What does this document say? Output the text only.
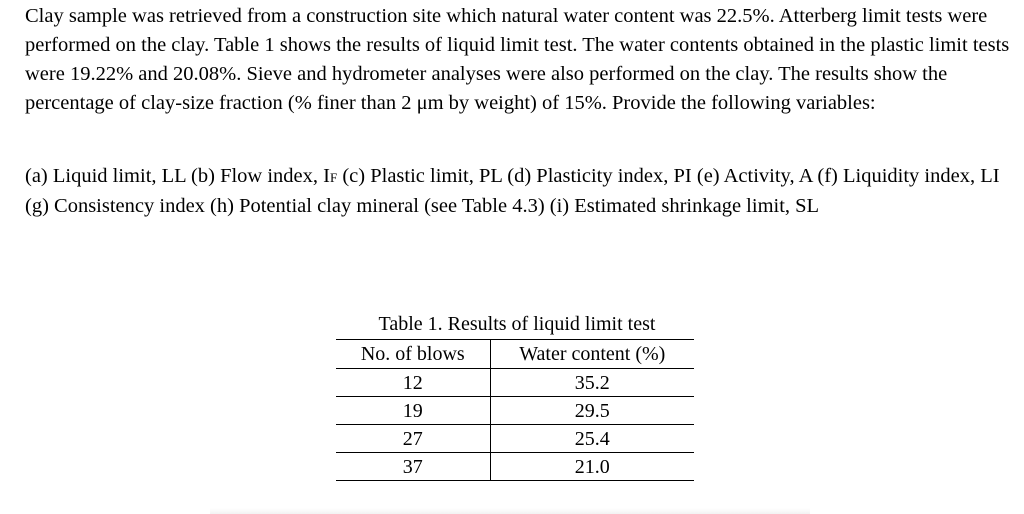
Clay sample was retrieved from a construction site which natural water content was 22.5%. Atterberg limit tests were performed on the clay. Table 1 shows the results of liquid limit test. The water contents obtained in the plastic limit tests were 19.22% and 20.08%. Sieve and hydrometer analyses were also performed on the clay. The results show the percentage of clay-size fraction (% finer than 2 μm by weight) of 15%. Provide the following variables:

(a) Liquid limit, LL (b) Flow index, IF (c) Plastic limit, PL (d) Plasticity index, PI (e) Activity, A (f) Liquidity index, LI (g) Consistency index (h) Potential clay mineral (see Table 4.3) (i) Estimated shrinkage limit, SL

Table 1. Results of liquid limit test
No. of blows	Water content (%)
12	35.2
19	29.5
27	25.4
37	21.0
